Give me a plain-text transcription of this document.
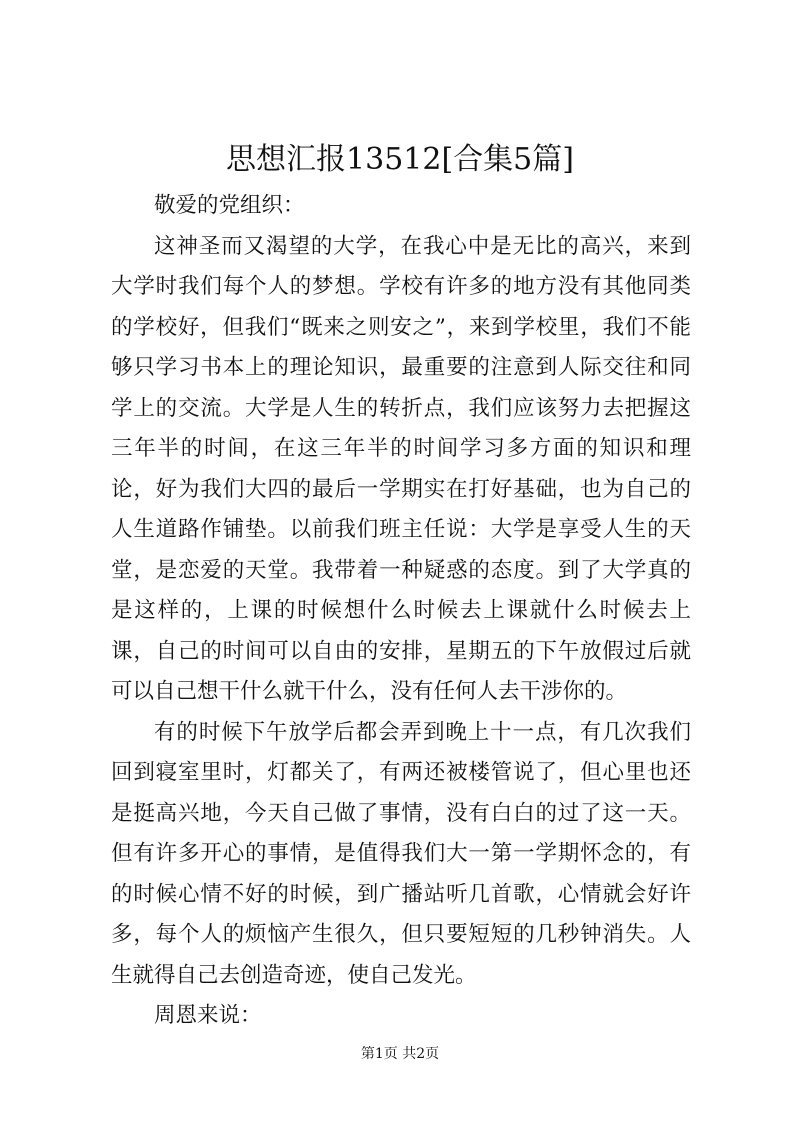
思想汇报13512[合集5篇]

敬爱的党组织：

这神圣而又渴望的大学，在我心中是无比的高兴，来到大学时我们每个人的梦想。学校有许多的地方没有其他同类的学校好，但我们“既来之则安之”，来到学校里，我们不能够只学习书本上的理论知识，最重要的注意到人际交往和同学上的交流。大学是人生的转折点，我们应该努力去把握这三年半的时间，在这三年半的时间学习多方面的知识和理论，好为我们大四的最后一学期实在打好基础，也为自己的人生道路作铺垫。以前我们班主任说：大学是享受人生的天堂，是恋爱的天堂。我带着一种疑惑的态度。到了大学真的是这样的，上课的时候想什么时候去上课就什么时候去上课，自己的时间可以自由的安排，星期五的下午放假过后就可以自己想干什么就干什么，没有任何人去干涉你的。

有的时候下午放学后都会弄到晚上十一点，有几次我们回到寝室里时，灯都关了，有两还被楼管说了，但心里也还是挺高兴地，今天自己做了事情，没有白白的过了这一天。但有许多开心的事情，是值得我们大一第一学期怀念的，有的时候心情不好的时候，到广播站听几首歌，心情就会好许多，每个人的烦恼产生很久，但只要短短的几秒钟消失。人生就得自己去创造奇迹，使自己发光。

周恩来说：

第1页 共2页
